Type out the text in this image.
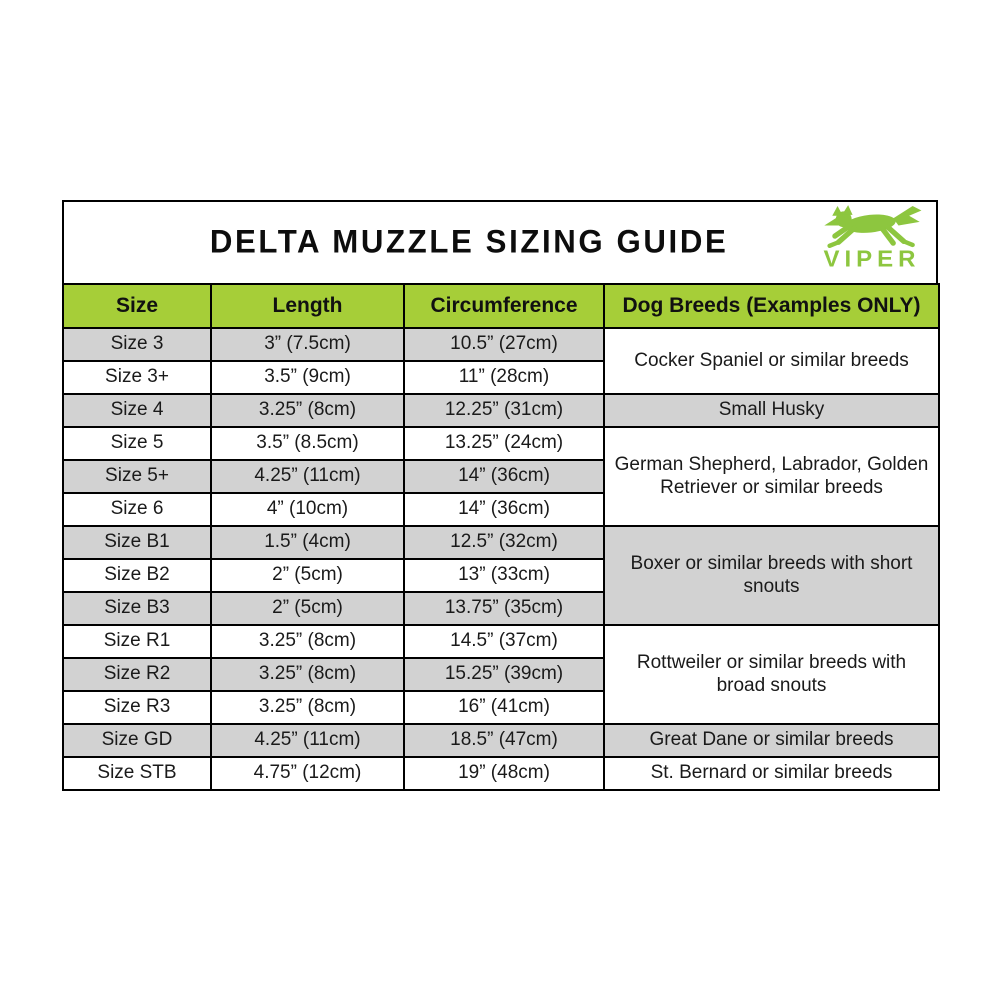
DELTA MUZZLE SIZING GUIDE	VIPER
Size	Length	Circumference	Dog Breeds (Examples ONLY)
Size 3	3” (7.5cm)	10.5” (27cm)	Cocker Spaniel or similar breeds
Size 3+	3.5” (9cm)	11” (28cm)	
Size 4	3.25” (8cm)	12.25” (31cm)	Small Husky
Size 5	3.5” (8.5cm)	13.25” (24cm)	German Shepherd, Labrador, Golden Retriever or similar breeds
Size 5+	4.25” (11cm)	14” (36cm)	
Size 6	4” (10cm)	14” (36cm)	
Size B1	1.5” (4cm)	12.5” (32cm)	Boxer or similar breeds with short snouts
Size B2	2” (5cm)	13” (33cm)	
Size B3	2” (5cm)	13.75” (35cm)	
Size R1	3.25” (8cm)	14.5” (37cm)	Rottweiler or similar breeds with broad snouts
Size R2	3.25” (8cm)	15.25” (39cm)	
Size R3	3.25” (8cm)	16” (41cm)	
Size GD	4.25” (11cm)	18.5” (47cm)	Great Dane or similar breeds
Size STB	4.75” (12cm)	19” (48cm)	St. Bernard or similar breeds
